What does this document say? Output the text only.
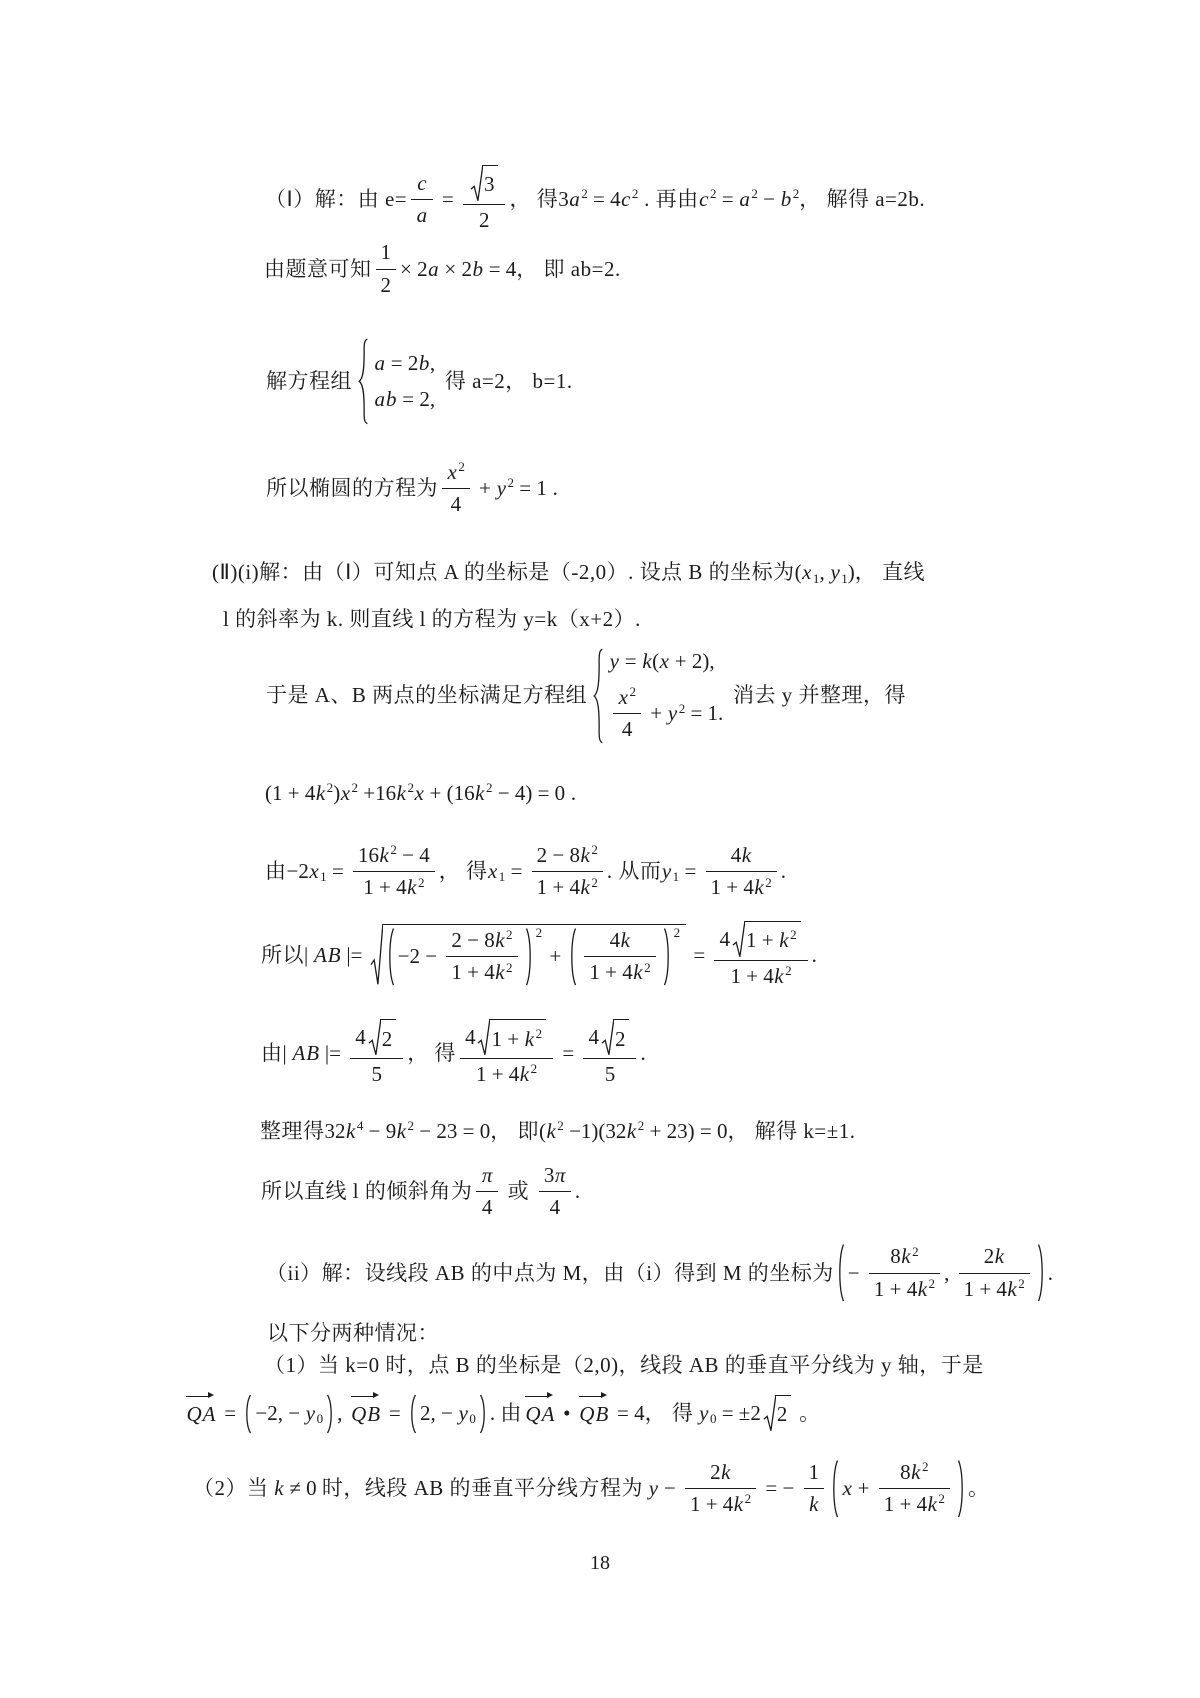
（Ⅰ）解：由 $e= \frac{c}{a} = \frac{3}{2}$ ， 得 3a $^2$ = 4c $^2$ . 再由 c $^2$ = a $^2$ − b $^2$ ， 解得 a=2b.
由题意可知 $\frac{1}{2} \times 2a \times 2b = 4$ ， 即 ab=2.
解方程组
a = 2b,
ab = 2,
得 a=2， b=1.
所以椭圆的方程为 $\frac{x ^2}{4} + y$ $^2$ = 1 .
(Ⅱ)(i)解：由（Ⅰ）可知点 A 的坐标是（-2,0）. 设点 B 的坐标为 (x $_1$, y $_1$) ， 直线
l 的斜率为 k. 则直线 l 的方程为 y=k（x+2）.
于是 A、B 两点的坐标满足方程组
y = k(x + 2),
$\frac{x ^2}{4} + y$ $^2$ = 1.
消去 y 并整理，得
(1 + 4k $^2$)x $^2$ +16k $^2$x + (16k $^2$ − 4) = 0 .
由 −2x $_1 = \frac{16k ^2 - 4}{1 + 4k ^2}$ ， 得 x $_1 = \frac{2 - 8k ^2}{1 + 4k ^2}$ . 从而 y $_1 = \frac{4k}{1 + 4k ^2}$ .
所以 | AB |= $-2 - \frac{2 - 8k ^2}{1 + 4k ^2} 2$
+ $\frac{4k}{1 + 4k ^2} 2$
= $\frac{4 1 + k ^2}{1 + 4k ^2}$ .
由 | AB |= $\frac{4 2}{5}$ ， 得 $\frac{4 1 + k ^2}{1 + 4k ^2} = \frac{4 2}{5}$ .
整理得 32k $^4$ − 9k $^2$ − 23 = 0 ， 即 (k $^2$ −1)(32k $^2$ + 23) = 0 ， 解得 k=±1.
所以直线 l 的倾斜角为 $\frac{\pi}{4}$ 或 $\frac{3\pi}{4}$ .
（ii）解：设线段 AB 的中点为 M，由（i）得到 M 的坐标为 − $\frac{8k ^2}{1 + 4k ^2}$ , $\frac{2k}{1 + 4k ^2}$ .
以下分两种情况：
（1）当 k=0 时，点 B 的坐标是（2,0)，线段 AB 的垂直平分线为 y 轴，于是
QA = −2, − y $_0$ , QB = 2, − y $_0$ . 由 QA • QB = 4 ， 得 y $_0$ = ±2 2 。
（2）当 k ≠ 0 时，线段 AB 的垂直平分线方程为 $y - \frac{2k}{1 + 4k ^2}$ = − $\frac{1}{k}$ $x + \frac{8k ^2}{1 + 4k ^2}$ 。
18
